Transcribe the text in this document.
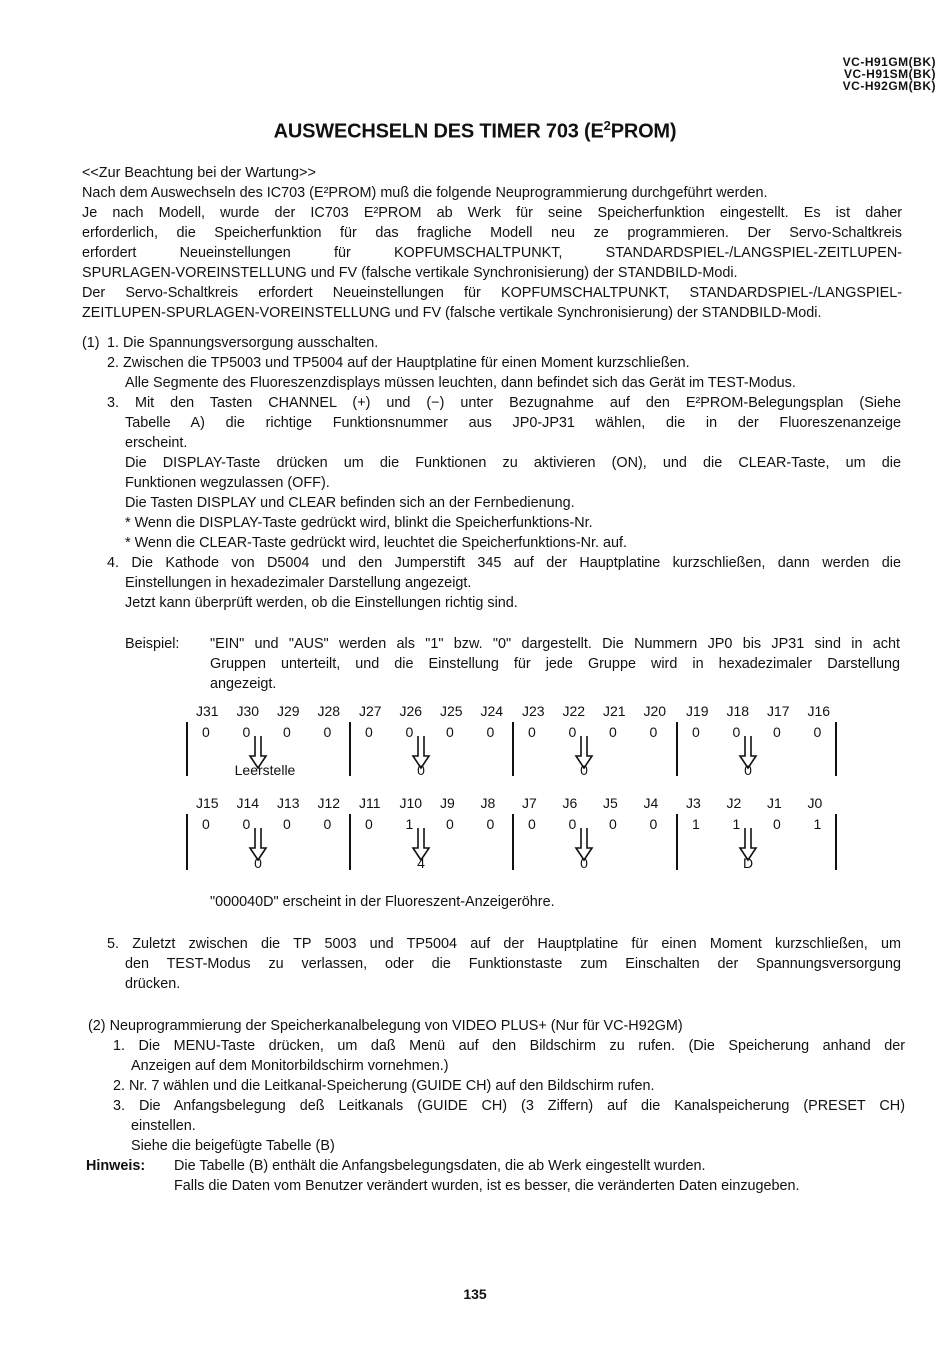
VC-H91GM(BK)
VC-H91SM(BK)
VC-H92GM(BK)
AUSWECHSELN DES TIMER 703 $(E^2PROM)$
<<Zur Beachtung bei der Wartung>>
Nach dem Auswechseln des IC703 (E²PROM) muß die folgende Neuprogrammierung durchgeführt werden.
Je nach Modell, wurde der IC703 E²PROM ab Werk für seine Speicherfunktion eingestellt. Es ist daher
erforderlich, die Speicherfunktion für das fragliche Modell neu ze programmieren. Der Servo-Schaltkreis
erfordert Neueinstellungen für KOPFUMSCHALTPUNKT, STANDARDSPIEL-/LANGSPIEL-ZEITLUPEN-
SPURLAGEN-VOREINSTELLUNG und FV (falsche vertikale Synchronisierung) der STANDBILD-Modi.
Der Servo-Schaltkreis erfordert Neueinstellungen für KOPFUMSCHALTPUNKT, STANDARDSPIEL-/LANGSPIEL-
ZEITLUPEN-SPURLAGEN-VOREINSTELLUNG und FV (falsche vertikale Synchronisierung) der STANDBILD-Modi.
(1) 1. Die Spannungsversorgung ausschalten.
2. Zwischen die TP5003 und TP5004 auf der Hauptplatine für einen Moment kurzschließen.
Alle Segmente des Fluoreszenzdisplays müssen leuchten, dann befindet sich das Gerät im TEST-Modus.
3. Mit den Tasten CHANNEL (+) und (−) unter Bezugnahme auf den E²PROM-Belegungsplan (Siehe
Tabelle A) die richtige Funktionsnummer aus JP0-JP31 wählen, die in der Fluoreszenanzeige
erscheint.
Die DISPLAY-Taste drücken um die Funktionen zu aktivieren (ON), und die CLEAR-Taste, um die
Funktionen wegzulassen (OFF).
Die Tasten DISPLAY und CLEAR befinden sich an der Fernbedienung.
* Wenn die DISPLAY-Taste gedrückt wird, blinkt die Speicherfunktions-Nr.
* Wenn die CLEAR-Taste gedrückt wird, leuchtet die Speicherfunktions-Nr. auf.
4. Die Kathode von D5004 und den Jumperstift 345 auf der Hauptplatine kurzschließen, dann werden die
Einstellungen in hexadezimaler Darstellung angezeigt.
Jetzt kann überprüft werden, ob die Einstellungen richtig sind.
Beispiel: "EIN" und "AUS" werden als "1" bzw. "0" dargestellt. Die Nummern JP0 bis JP31 sind in acht
Gruppen unterteilt, und die Einstellung für jede Gruppe wird in hexadezimaler Darstellung
angezeigt.
J31 J30 J29 J28 J27 J26 J25 J24 J23 J22 J21 J20 J19 J18 J17 J16
0 0 0 0 0 0 0 0 0 0 0 0 0 0 0 0
Leerstelle	0	0	0
J15 J14 J13 J12 J11 J10 J9 J8 J7 J6 J5 J4 J3 J2 J1 J0
0 0 0 0 0 1 0 0 0 0 0 0 1 1 0 1
0	4	0	D
"000040D" erscheint in der Fluoreszent-Anzeigeröhre.
5. Zuletzt zwischen die TP 5003 und TP5004 auf der Hauptplatine für einen Moment kurzschließen, um
den TEST-Modus zu verlassen, oder die Funktionstaste zum Einschalten der Spannungsversorgung
drücken.
(2) Neuprogrammierung der Speicherkanalbelegung von VIDEO PLUS+ (Nur für VC-H92GM)
1. Die MENU-Taste drücken, um daß Menü auf den Bildschirm zu rufen. (Die Speicherung anhand der
Anzeigen auf dem Monitorbildschirm vornehmen.)
2. Nr. 7 wählen und die Leitkanal-Speicherung (GUIDE CH) auf den Bildschirm rufen.
3. Die Anfangsbelegung deß Leitkanals (GUIDE CH) (3 Ziffern) auf die Kanalspeicherung (PRESET CH)
einstellen.
Siehe die beigefügte Tabelle (B)
Hinweis: Die Tabelle (B) enthält die Anfangsbelegungsdaten, die ab Werk eingestellt wurden.
Falls die Daten vom Benutzer verändert wurden, ist es besser, die veränderten Daten einzugeben.
135
